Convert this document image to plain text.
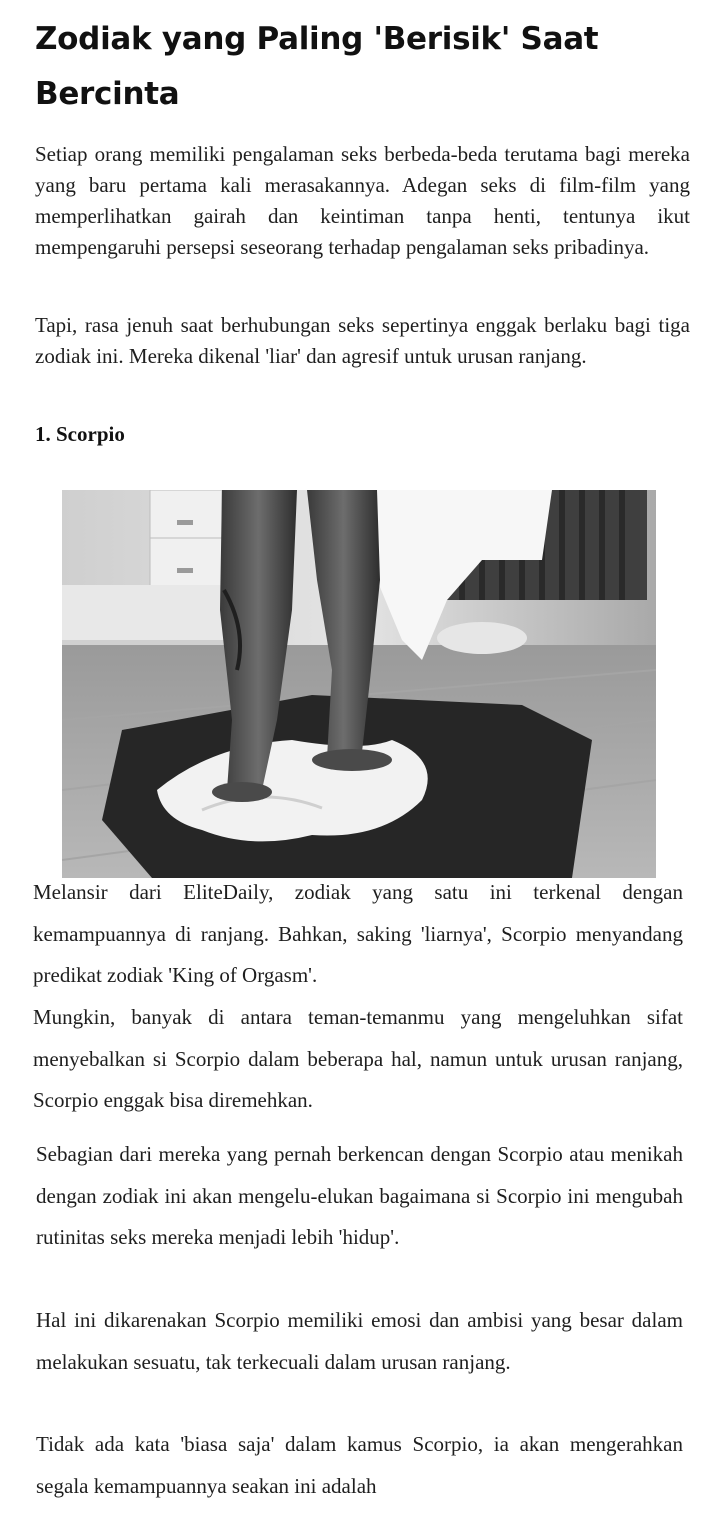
Zodiak yang Paling 'Berisik' Saat Bercinta

Setiap orang memiliki pengalaman seks berbeda-beda terutama bagi mereka yang baru pertama kali merasakannya. Adegan seks di film-film yang memperlihatkan gairah dan keintiman tanpa henti, tentunya ikut mempengaruhi persepsi seseorang terhadap pengalaman seks pribadinya.

Tapi, rasa jenuh saat berhubungan seks sepertinya enggak berlaku bagi tiga zodiak ini. Mereka dikenal 'liar' dan agresif untuk urusan ranjang.

1. Scorpio

Melansir dari EliteDaily, zodiak yang satu ini terkenal dengan kemampuannya di ranjang. Bahkan, saking 'liarnya', Scorpio menyandang predikat zodiak 'King of Orgasm'.

Mungkin, banyak di antara teman-temanmu yang mengeluhkan sifat menyebalkan si Scorpio dalam beberapa hal, namun untuk urusan ranjang, Scorpio enggak bisa diremehkan.

Sebagian dari mereka yang pernah berkencan dengan Scorpio atau menikah dengan zodiak ini akan mengelu-elukan bagaimana si Scorpio ini mengubah rutinitas seks mereka menjadi lebih 'hidup'.

Hal ini dikarenakan Scorpio memiliki emosi dan ambisi yang besar dalam melakukan sesuatu, tak terkecuali dalam urusan ranjang.

Tidak ada kata 'biasa saja' dalam kamus Scorpio, ia akan mengerahkan segala kemampuannya seakan ini adalah
